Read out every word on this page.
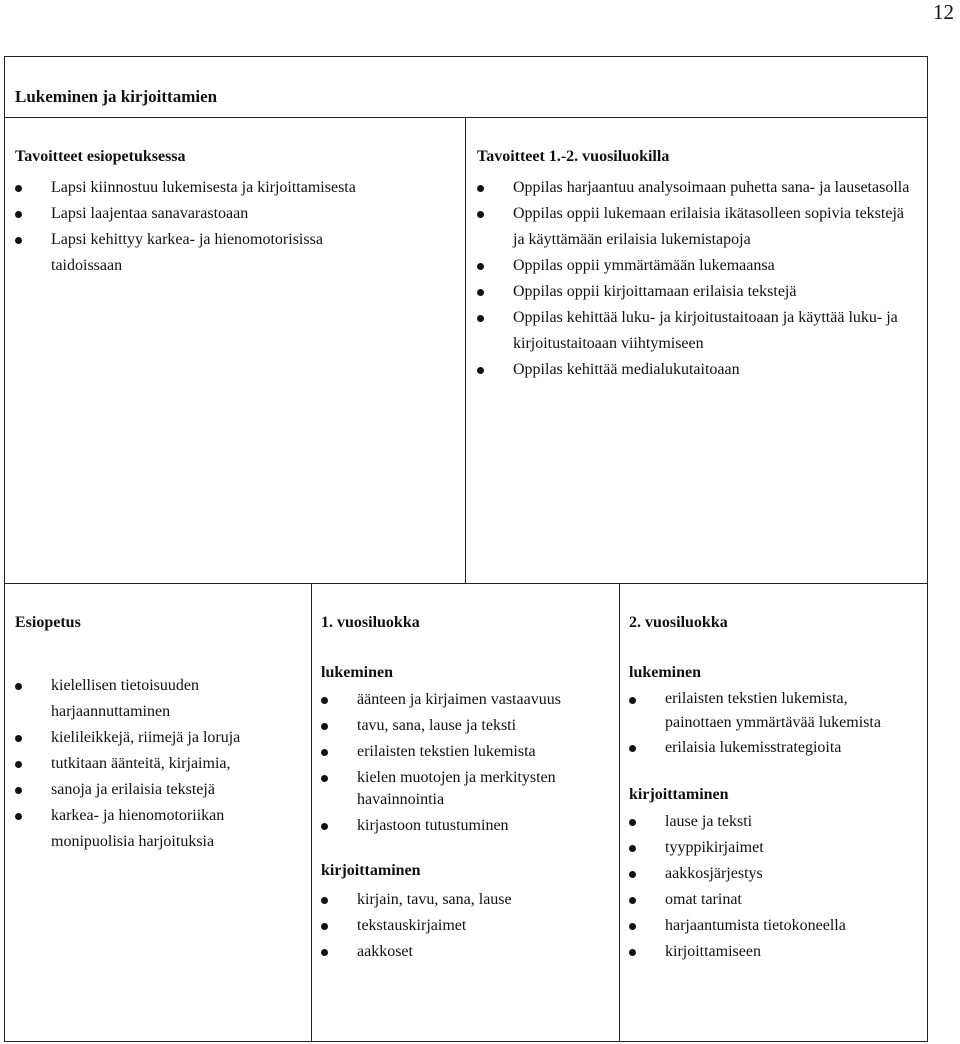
12
Lukeminen ja kirjoittamien

Tavoitteet esiopetuksessa

Lapsi kiinnostuu lukemisesta ja kirjoittamisesta
Lapsi laajentaa sanavarastoaan
Lapsi kehittyy karkea- ja hienomotorisissa taidoissaan

Tavoitteet 1.-2. vuosiluokilla

Oppilas harjaantuu analysoimaan puhetta sana- ja lausetasolla
Oppilas oppii lukemaan erilaisia ikätasolleen sopivia tekstejä ja käyttämään erilaisia lukemistapoja
Oppilas oppii ymmärtämään lukemaansa
Oppilas oppii kirjoittamaan erilaisia tekstejä
Oppilas kehittää luku- ja kirjoitustaitoaan ja käyttää luku- ja kirjoitustaitoaan viihtymiseen
Oppilas kehittää medialukutaitoaan

Esiopetus

kielellisen tietoisuuden harjaannuttaminen
kielileikkejä, riimejä ja loruja
tutkitaan äänteitä, kirjaimia,
sanoja ja erilaisia tekstejä
karkea- ja hienomotoriikan monipuolisia harjoituksia

1. vuosiluokka

lukeminen

äänteen ja kirjaimen vastaavuus
tavu, sana, lause ja teksti
erilaisten tekstien lukemista
kielen muotojen ja merkitysten havainnointia
kirjastoon tutustuminen

kirjoittaminen

kirjain, tavu, sana, lause
tekstauskirjaimet
aakkoset

2. vuosiluokka

lukeminen

erilaisten tekstien lukemista, painottaen ymmärtävää lukemista
erilaisia lukemisstrategioita

kirjoittaminen

lause ja teksti
tyyppikirjaimet
aakkosjärjestys
omat tarinat
harjaantumista tietokoneella
kirjoittamiseen
